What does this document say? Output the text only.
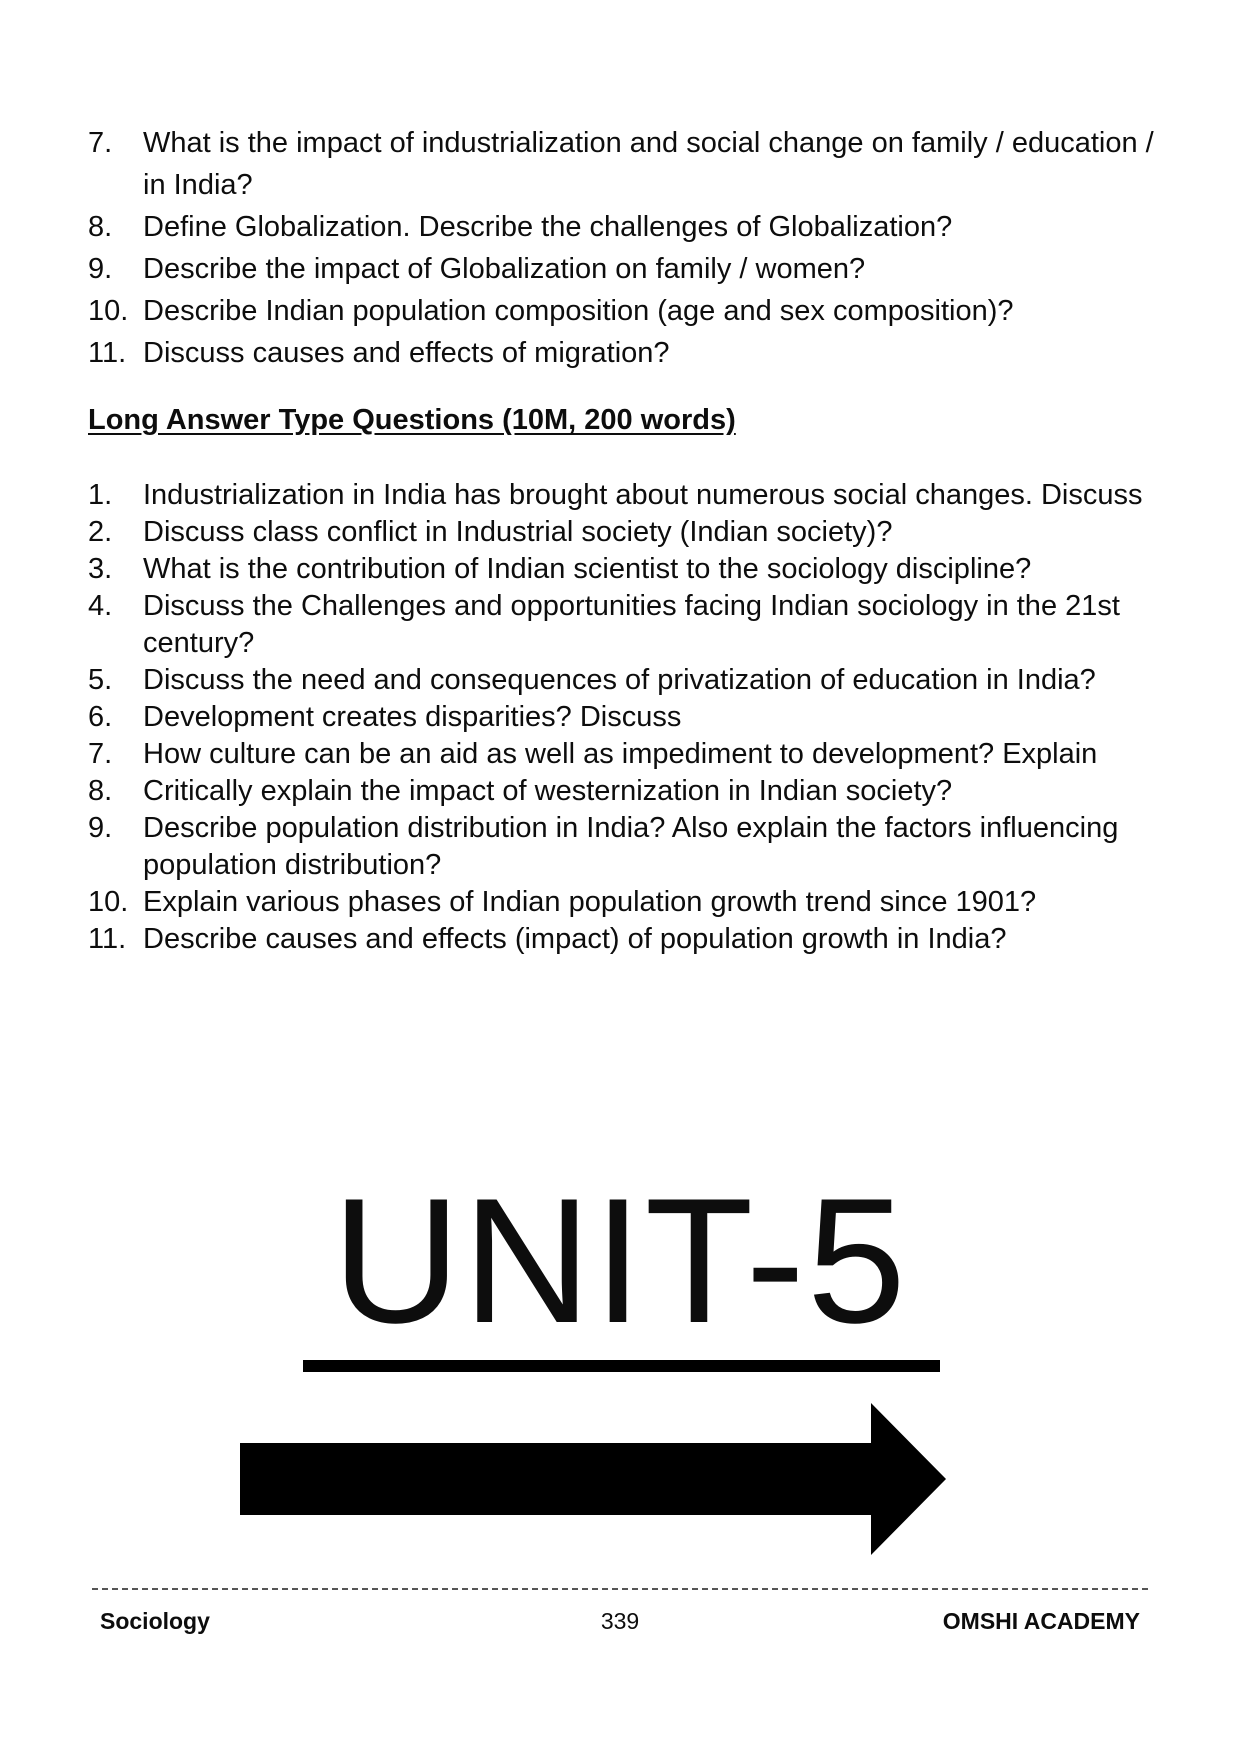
7.	What is the impact of industrialization and social change on family / education / in India?
8.	Define Globalization. Describe the challenges of Globalization?
9.	Describe the impact of Globalization on family / women?
10. Describe Indian population composition (age and sex composition)?
11. Discuss causes and effects of migration?
Long Answer Type Questions (10M, 200 words)
1.	Industrialization in India has brought about numerous social changes. Discuss
2.	Discuss class conflict in Industrial society (Indian society)?
3.	What is the contribution of Indian scientist to the sociology discipline?
4.	Discuss the Challenges and opportunities facing Indian sociology in the 21st century?
5.	Discuss the need and consequences of privatization of education in India?
6.	Development creates disparities? Discuss
7.	How culture can be an aid as well as impediment to development? Explain
8.	Critically explain the impact of westernization in Indian society?
9.	Describe population distribution in India? Also explain the factors influencing population distribution?
10. Explain various phases of Indian population growth trend since 1901?
11. Describe causes and effects (impact) of population growth in India?
UNIT-5
Sociology	339	OMSHI ACADEMY
